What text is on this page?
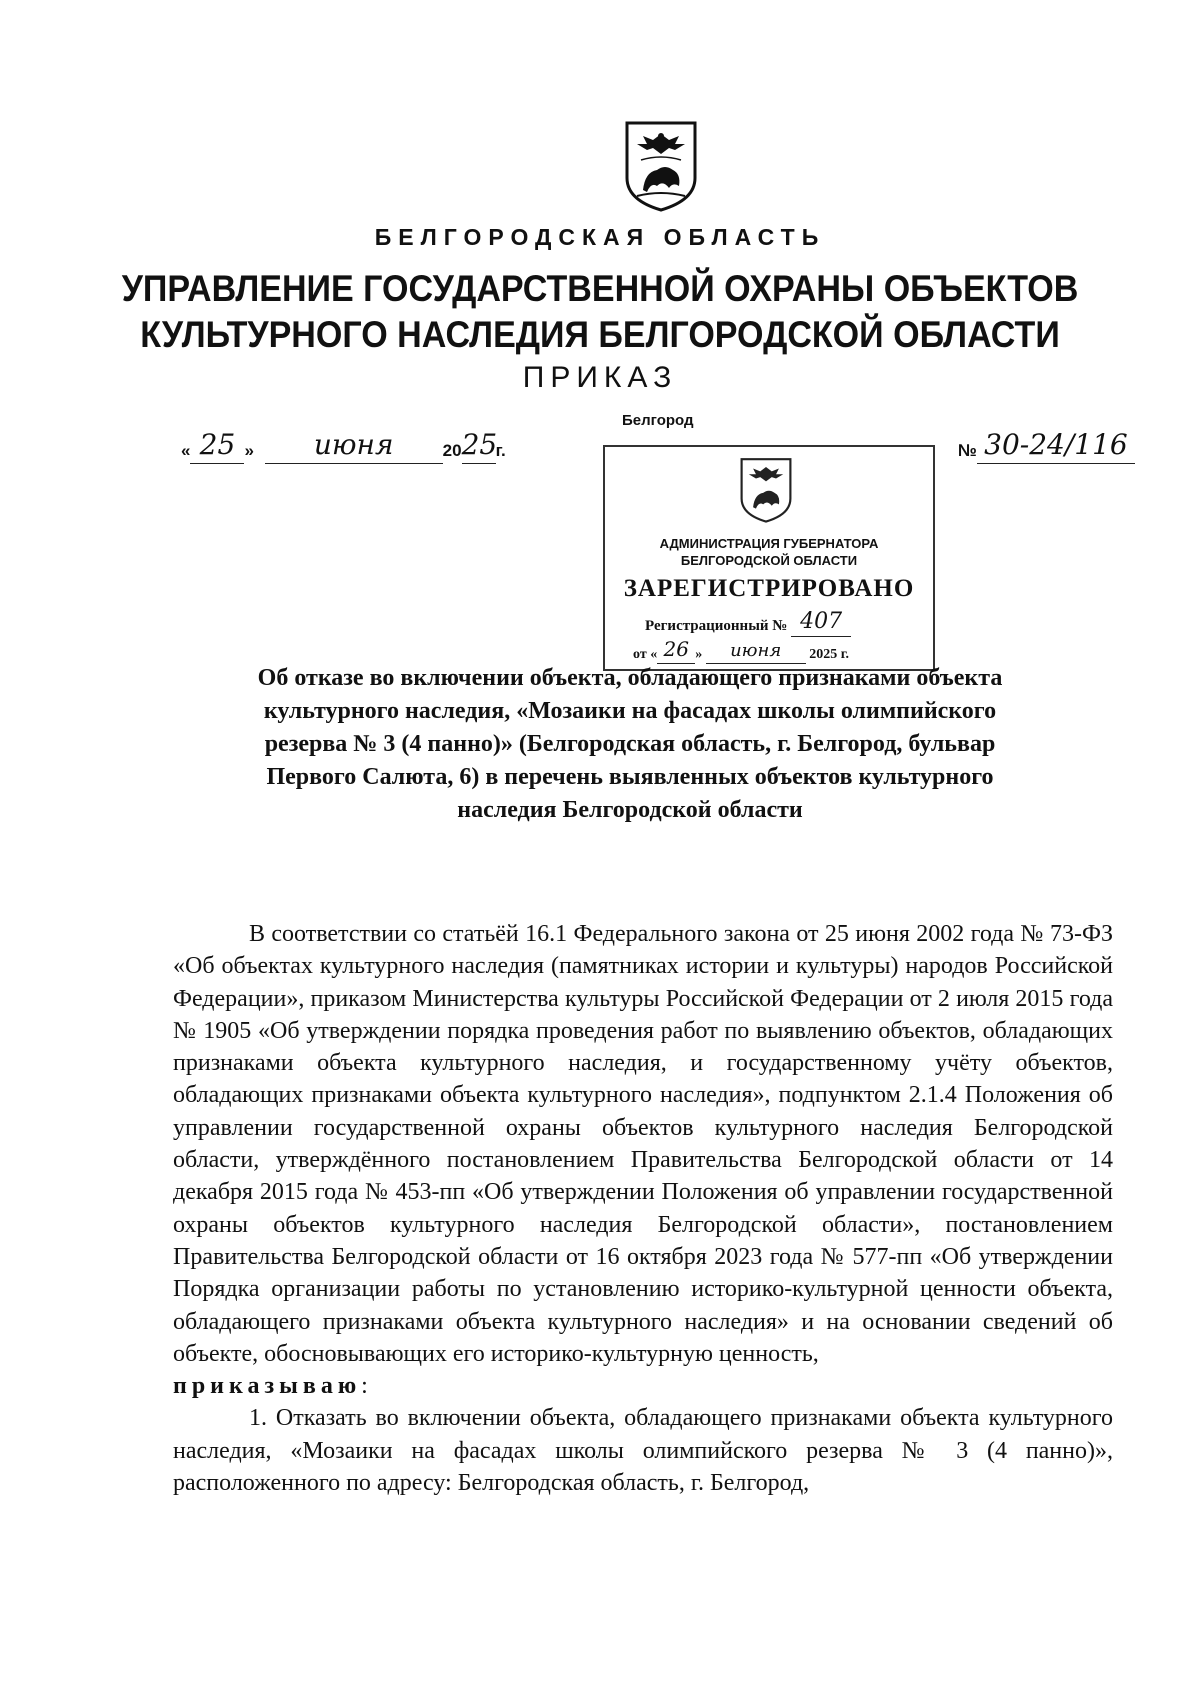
БЕЛГОРОДСКАЯ ОБЛАСТЬ
УПРАВЛЕНИЕ ГОСУДАРСТВЕННОЙ ОХРАНЫ ОБЪЕКТОВ
КУЛЬТУРНОГО НАСЛЕДИЯ БЕЛГОРОДСКОЙ ОБЛАСТИ
ПРИКАЗ
Белгород
« 25 » июня	2025г.	№ 30-24/116
АДМИНИСТРАЦИЯ ГУБЕРНАТОРА
БЕЛГОРОДСКОЙ ОБЛАСТИ
ЗАРЕГИСТРИРОВАНО
Регистрационный № 407
от « 26 » июня 2025 г.
Об отказе во включении объекта, обладающего признаками объекта
культурного наследия, «Мозаики на фасадах школы олимпийского
резерва № 3 (4 панно)» (Белгородская область, г. Белгород, бульвар
Первого Салюта, 6) в перечень выявленных объектов культурного
наследия Белгородской области

В соответствии со статьёй 16.1 Федерального закона от 25 июня 2002 года № 73-ФЗ «Об объектах культурного наследия (памятниках истории и культуры) народов Российской Федерации», приказом Министерства культуры Российской Федерации от 2 июля 2015 года № 1905 «Об утверждении порядка проведения работ по выявлению объектов, обладающих признаками объекта культурного наследия, и государственному учёту объектов, обладающих признаками объекта культурного наследия», подпунктом 2.1.4 Положения об управлении государственной охраны объектов культурного наследия Белгородской области, утверждённого постановлением Правительства Белгородской области от 14 декабря 2015 года № 453-пп «Об утверждении Положения об управлении государственной охраны объектов культурного наследия Белгородской области», постановлением Правительства Белгородской области от 16 октября 2023 года № 577-пп «Об утверждении Порядка организации работы по установлению историко-культурной ценности объекта, обладающего признаками объекта культурного наследия» и на основании сведений об объекте, обосновывающих его историко-культурную ценность,

приказываю:

1. Отказать во включении объекта, обладающего признаками объекта культурного наследия, «Мозаики на фасадах школы олимпийского резерва № 3 (4 панно)», расположенного по адресу: Белгородская область, г. Белгород,
